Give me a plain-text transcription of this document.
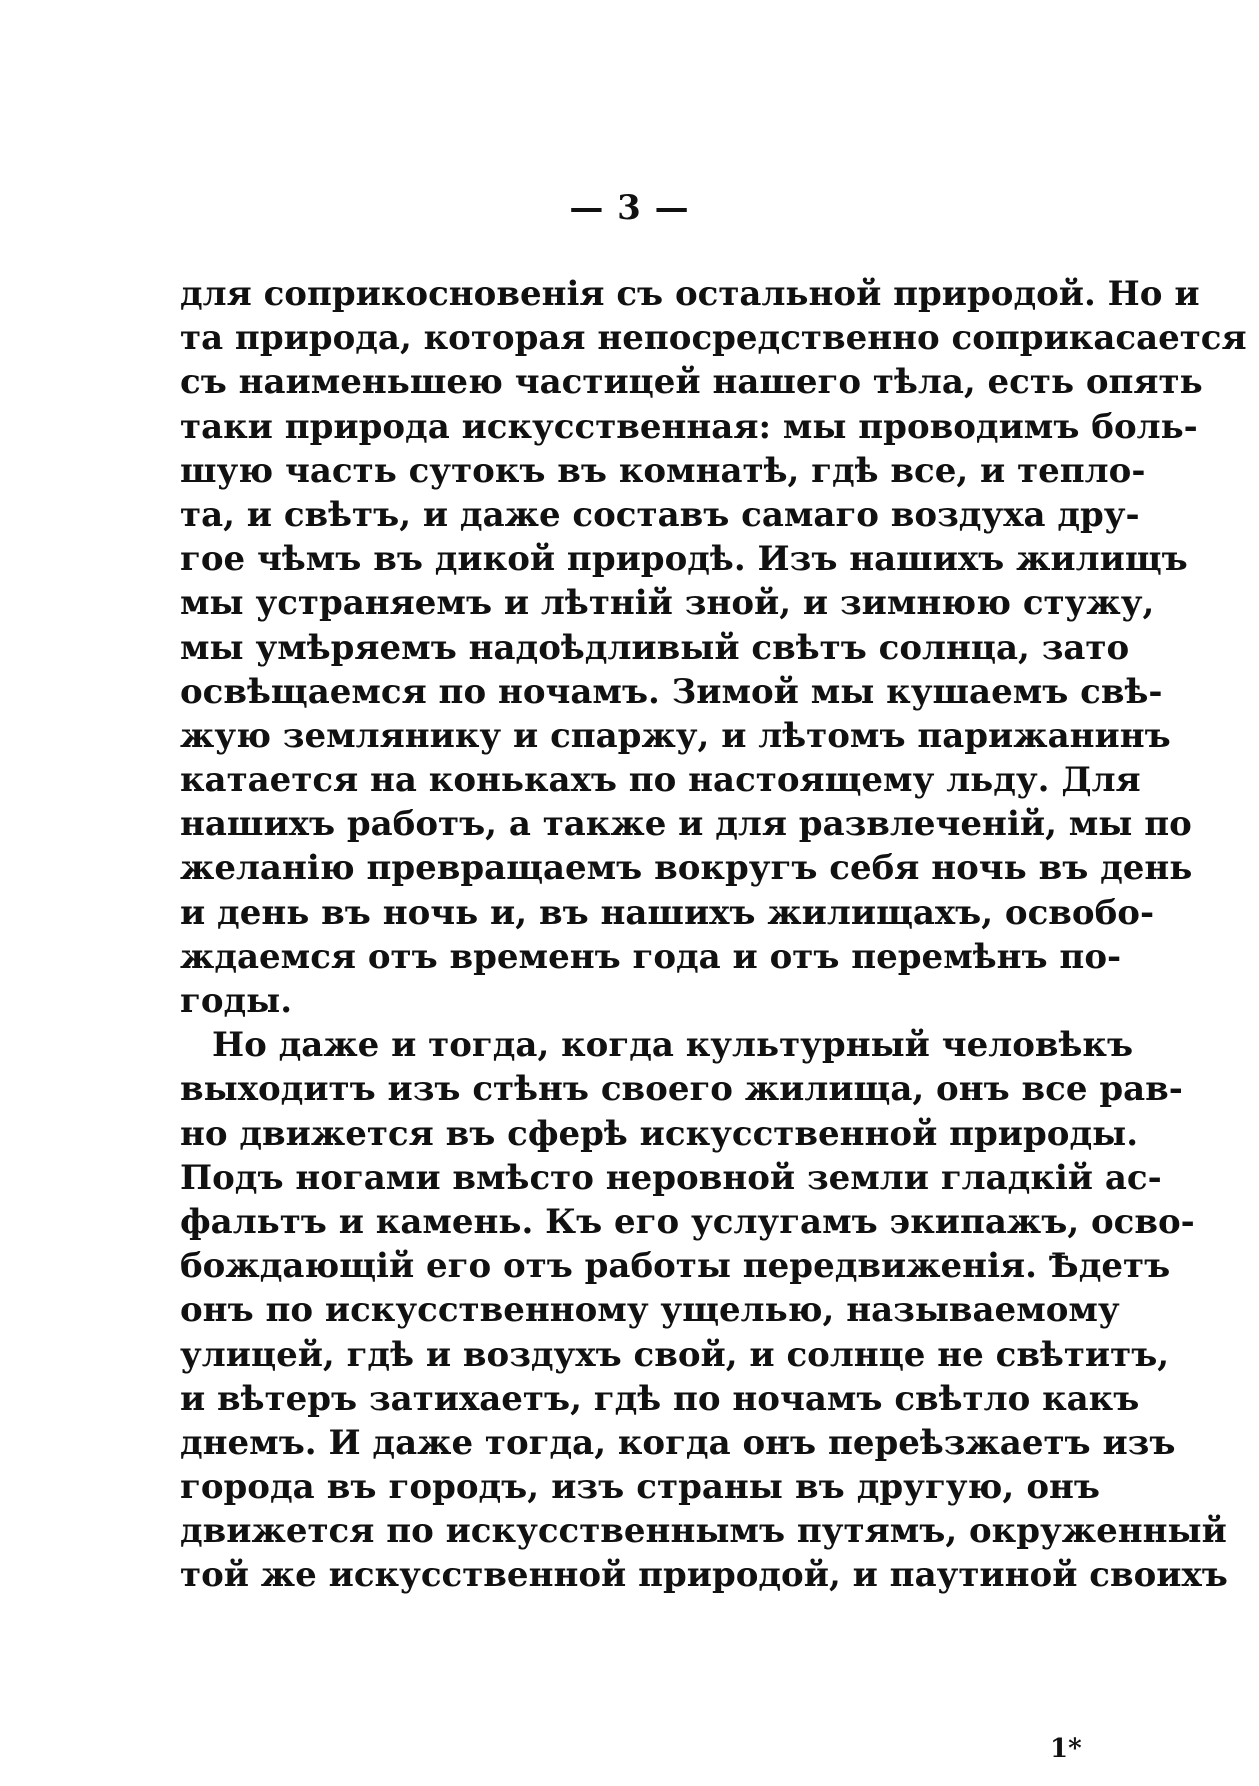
— 3 —
для соприкосновенія съ остальной природой. Но и
та природа, которая непосредственно соприкасается
съ наименьшею частицей нашего тѣла, есть опять
таки природа искусственная: мы проводимъ боль-
шую часть сутокъ въ комнатѣ, гдѣ все, и тепло-
та, и свѣтъ, и даже составъ самаго воздуха дру-
гое чѣмъ въ дикой природѣ. Изъ нашихъ жилищъ
мы устраняемъ и лѣтній зной, и зимнюю стужу,
мы умѣряемъ надоѣдливый свѣтъ солнца, зато
освѣщаемся по ночамъ. Зимой мы кушаемъ свѣ-
жую землянику и спаржу, и лѣтомъ парижанинъ
катается на конькахъ по настоящему льду. Для
нашихъ работъ, а также и для развлеченій, мы по
желанію превращаемъ вокругъ себя ночь въ день
и день въ ночь и, въ нашихъ жилищахъ, освобо-
ждаемся отъ временъ года и отъ перемѣнъ по-
годы.
Но даже и тогда, когда культурный человѣкъ
выходитъ изъ стѣнъ своего жилища, онъ все рав-
но движется въ сферѣ искусственной природы.
Подъ ногами вмѣсто неровной земли гладкій ас-
фальтъ и камень. Къ его услугамъ экипажъ, осво-
бождающій его отъ работы передвиженія. Ѣдетъ
онъ по искусственному ущелью, называемому
улицей, гдѣ и воздухъ свой, и солнце не свѣтитъ,
и вѣтеръ затихаетъ, гдѣ по ночамъ свѣтло какъ
днемъ. И даже тогда, когда онъ переѣзжаетъ изъ
города въ городъ, изъ страны въ другую, онъ
движется по искусственнымъ путямъ, окруженный
той же искусственной природой, и паутиной своихъ
1*
